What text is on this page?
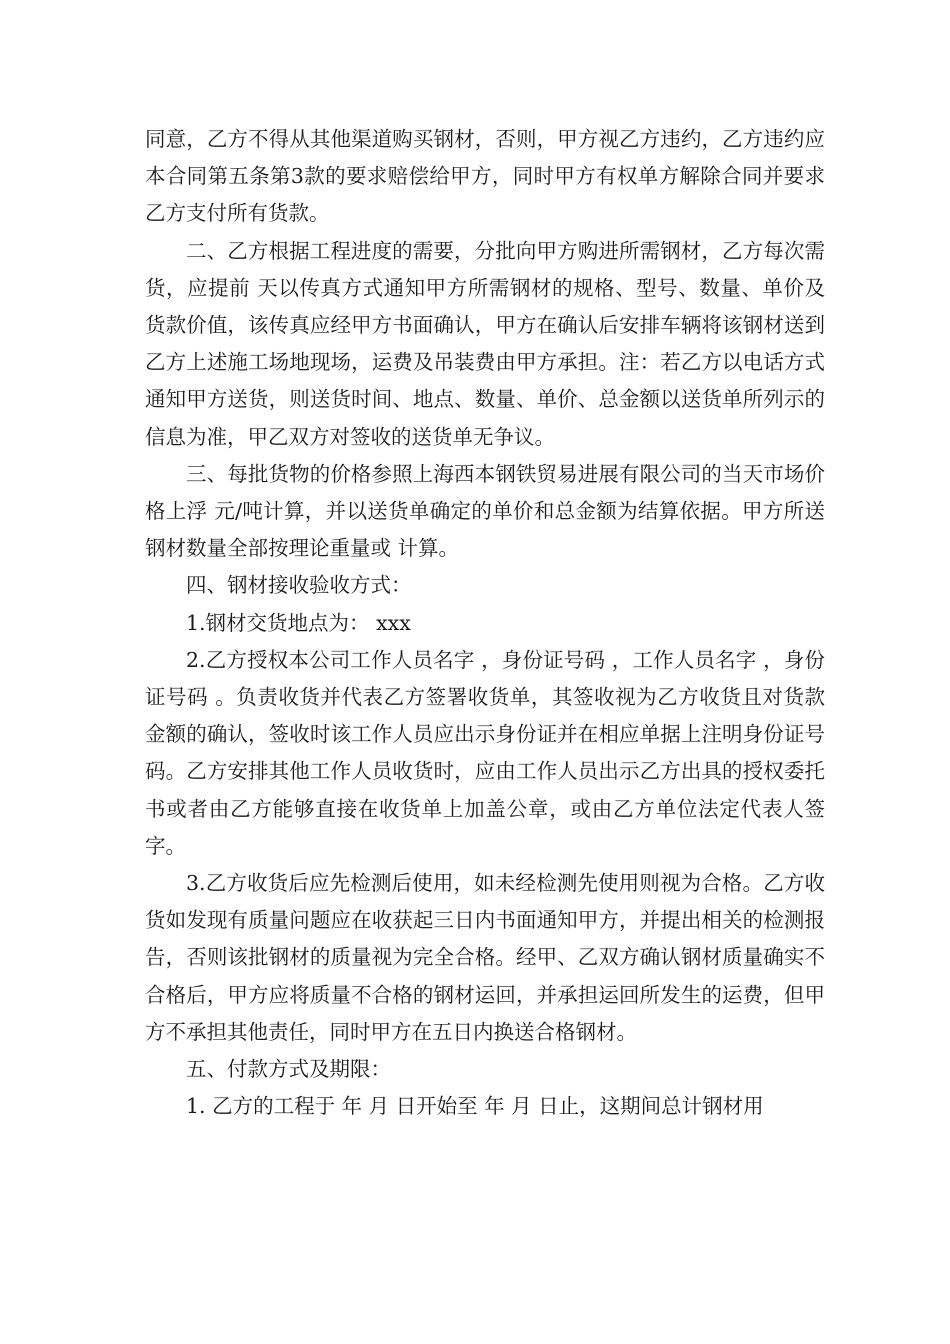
同意，乙方不得从其他渠道购买钢材，否则，甲方视乙方违约，乙方违约应本合同第五条第3款的要求赔偿给甲方，同时甲方有权单方解除合同并要求乙方支付所有货款。

二、乙方根据工程进度的需要，分批向甲方购进所需钢材，乙方每次需货，应提前 天以传真方式通知甲方所需钢材的规格、型号、数量、单价及货款价值，该传真应经甲方书面确认，甲方在确认后安排车辆将该钢材送到乙方上述施工场地现场，运费及吊装费由甲方承担。注：若乙方以电话方式通知甲方送货，则送货时间、地点、数量、单价、总金额以送货单所列示的信息为准，甲乙双方对签收的送货单无争议。

三、每批货物的价格参照上海西本钢铁贸易进展有限公司的当天市场价格上浮 元/吨计算，并以送货单确定的单价和总金额为结算依据。甲方所送钢材数量全部按理论重量或 计算。

四、钢材接收验收方式：

1.钢材交货地点为： xxx

2.乙方授权本公司工作人员名字 ，身份证号码 ，工作人员名字 ，身份证号码 。负责收货并代表乙方签署收货单，其签收视为乙方收货且对货款金额的确认，签收时该工作人员应出示身份证并在相应单据上注明身份证号码。乙方安排其他工作人员收货时，应由工作人员出示乙方出具的授权委托书或者由乙方能够直接在收货单上加盖公章，或由乙方单位法定代表人签字。

3.乙方收货后应先检测后使用，如未经检测先使用则视为合格。乙方收货如发现有质量问题应在收获起三日内书面通知甲方，并提出相关的检测报告，否则该批钢材的质量视为完全合格。经甲、乙双方确认钢材质量确实不合格后，甲方应将质量不合格的钢材运回，并承担运回所发生的运费，但甲方不承担其他责任，同时甲方在五日内换送合格钢材。

五、付款方式及期限：

1. 乙方的工程于 年 月 日开始至 年 月 日止，这期间总计钢材用
